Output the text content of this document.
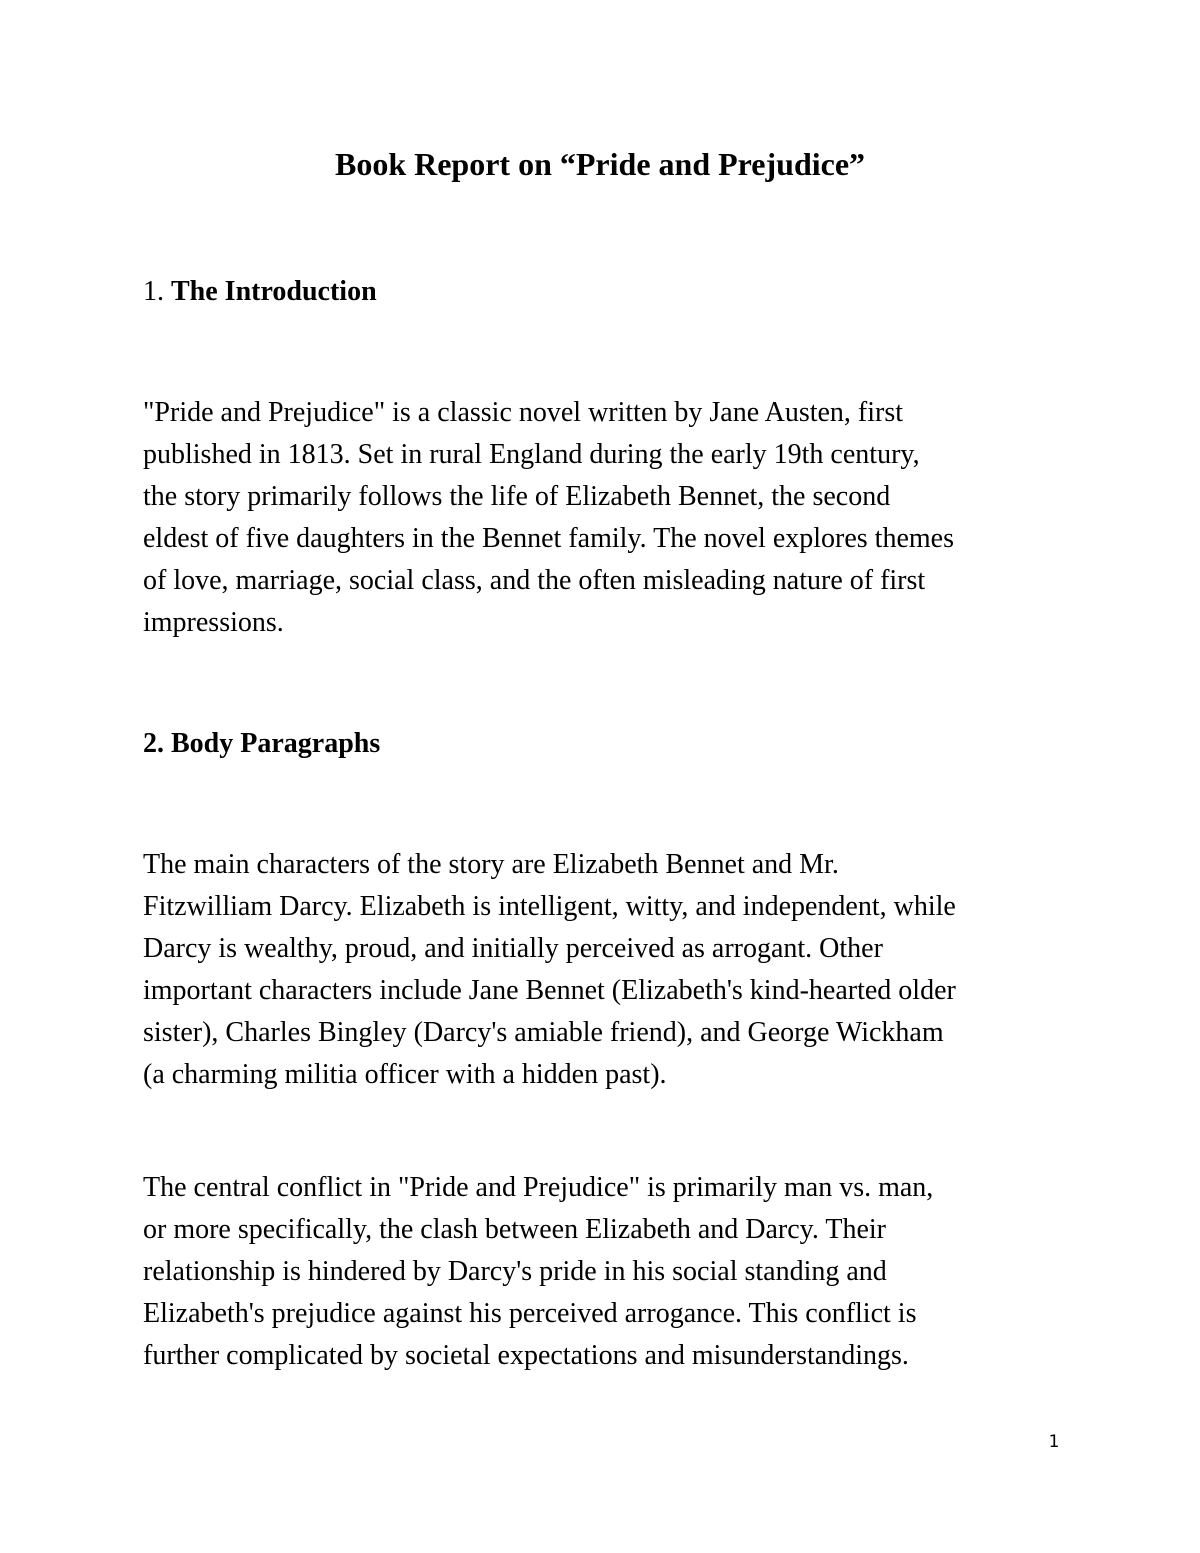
Book Report on “Pride and Prejudice”
1. The Introduction

"Pride and Prejudice" is a classic novel written by Jane Austen, first
published in 1813. Set in rural England during the early 19th century,
the story primarily follows the life of Elizabeth Bennet, the second
eldest of five daughters in the Bennet family. The novel explores themes
of love, marriage, social class, and the often misleading nature of first
impressions.

2. Body Paragraphs

The main characters of the story are Elizabeth Bennet and Mr.
Fitzwilliam Darcy. Elizabeth is intelligent, witty, and independent, while
Darcy is wealthy, proud, and initially perceived as arrogant. Other
important characters include Jane Bennet (Elizabeth's kind-hearted older
sister), Charles Bingley (Darcy's amiable friend), and George Wickham
(a charming militia officer with a hidden past).

The central conflict in "Pride and Prejudice" is primarily man vs. man,
or more specifically, the clash between Elizabeth and Darcy. Their
relationship is hindered by Darcy's pride in his social standing and
Elizabeth's prejudice against his perceived arrogance. This conflict is
further complicated by societal expectations and misunderstandings.

1
